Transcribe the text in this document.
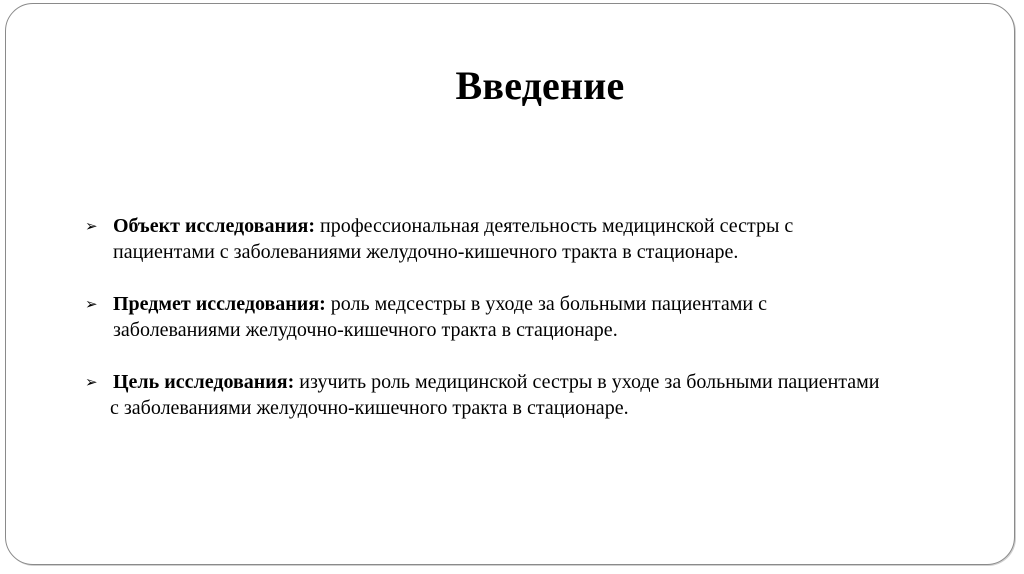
Введение
➢ Объект исследования: профессиональная деятельность медицинской сестры с
пациентами с заболеваниями желудочно-кишечного тракта в стационаре.
➢ Предмет исследования: роль медсестры в уходе за больными пациентами с
заболеваниями желудочно-кишечного тракта в стационаре.
➢ Цель исследования: изучить роль медицинской сестры в уходе за больными пациентами
с заболеваниями желудочно-кишечного тракта в стационаре.
